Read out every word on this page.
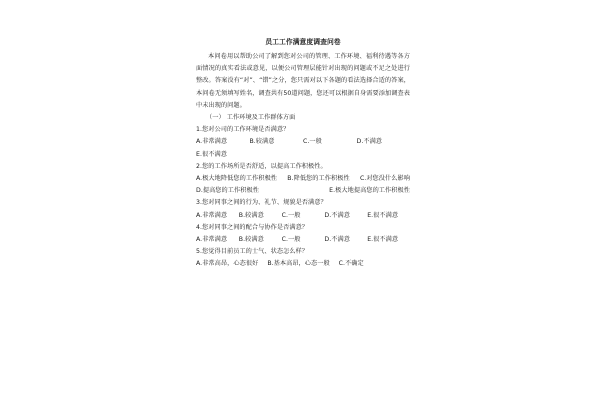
员工工作满意度调查问卷
本问卷用以帮助公司了解到您对公司的管理、工作环境、福利待遇等各方面情况的真实看法或意见，以便公司管理层能针对出现的问题或不足之处进行整改。答案没有“对”、“错”之分，您只需对以下各题的看法选择合适的答案，本问卷无须填写姓名，调查共有50道问题，您还可以根据自身需要添加调查表中未出现的问题。
（一） 工作环境及工作群体方面
1.您对公司的工作环境是否满意？
A.非常满意	B.较满意	C.一般	D.不满意
E.很不满意
2.您的工作场所是否舒适，以提高工作积极性。
A.极大地降低您的工作积极性 B.降低您的工作积极性 C.对您没什么影响
D.提高您的工作积极性	E.极大地提高您的工作积极性
3.您对同事之间的行为、礼节、规貌是否满意？
A.非常满意	B.较满意	C.一般	D.不满意	E.很不满意
4.您对同事之间的配合与协作是否满意？
A.非常满意	B.较满意	C.一般	D.不满意	E.很不满意
5.您觉得目前员工的士气、状态怎么样？
A.非常高昂，心态很好	B.基本高昂，心态一般	C.不确定
